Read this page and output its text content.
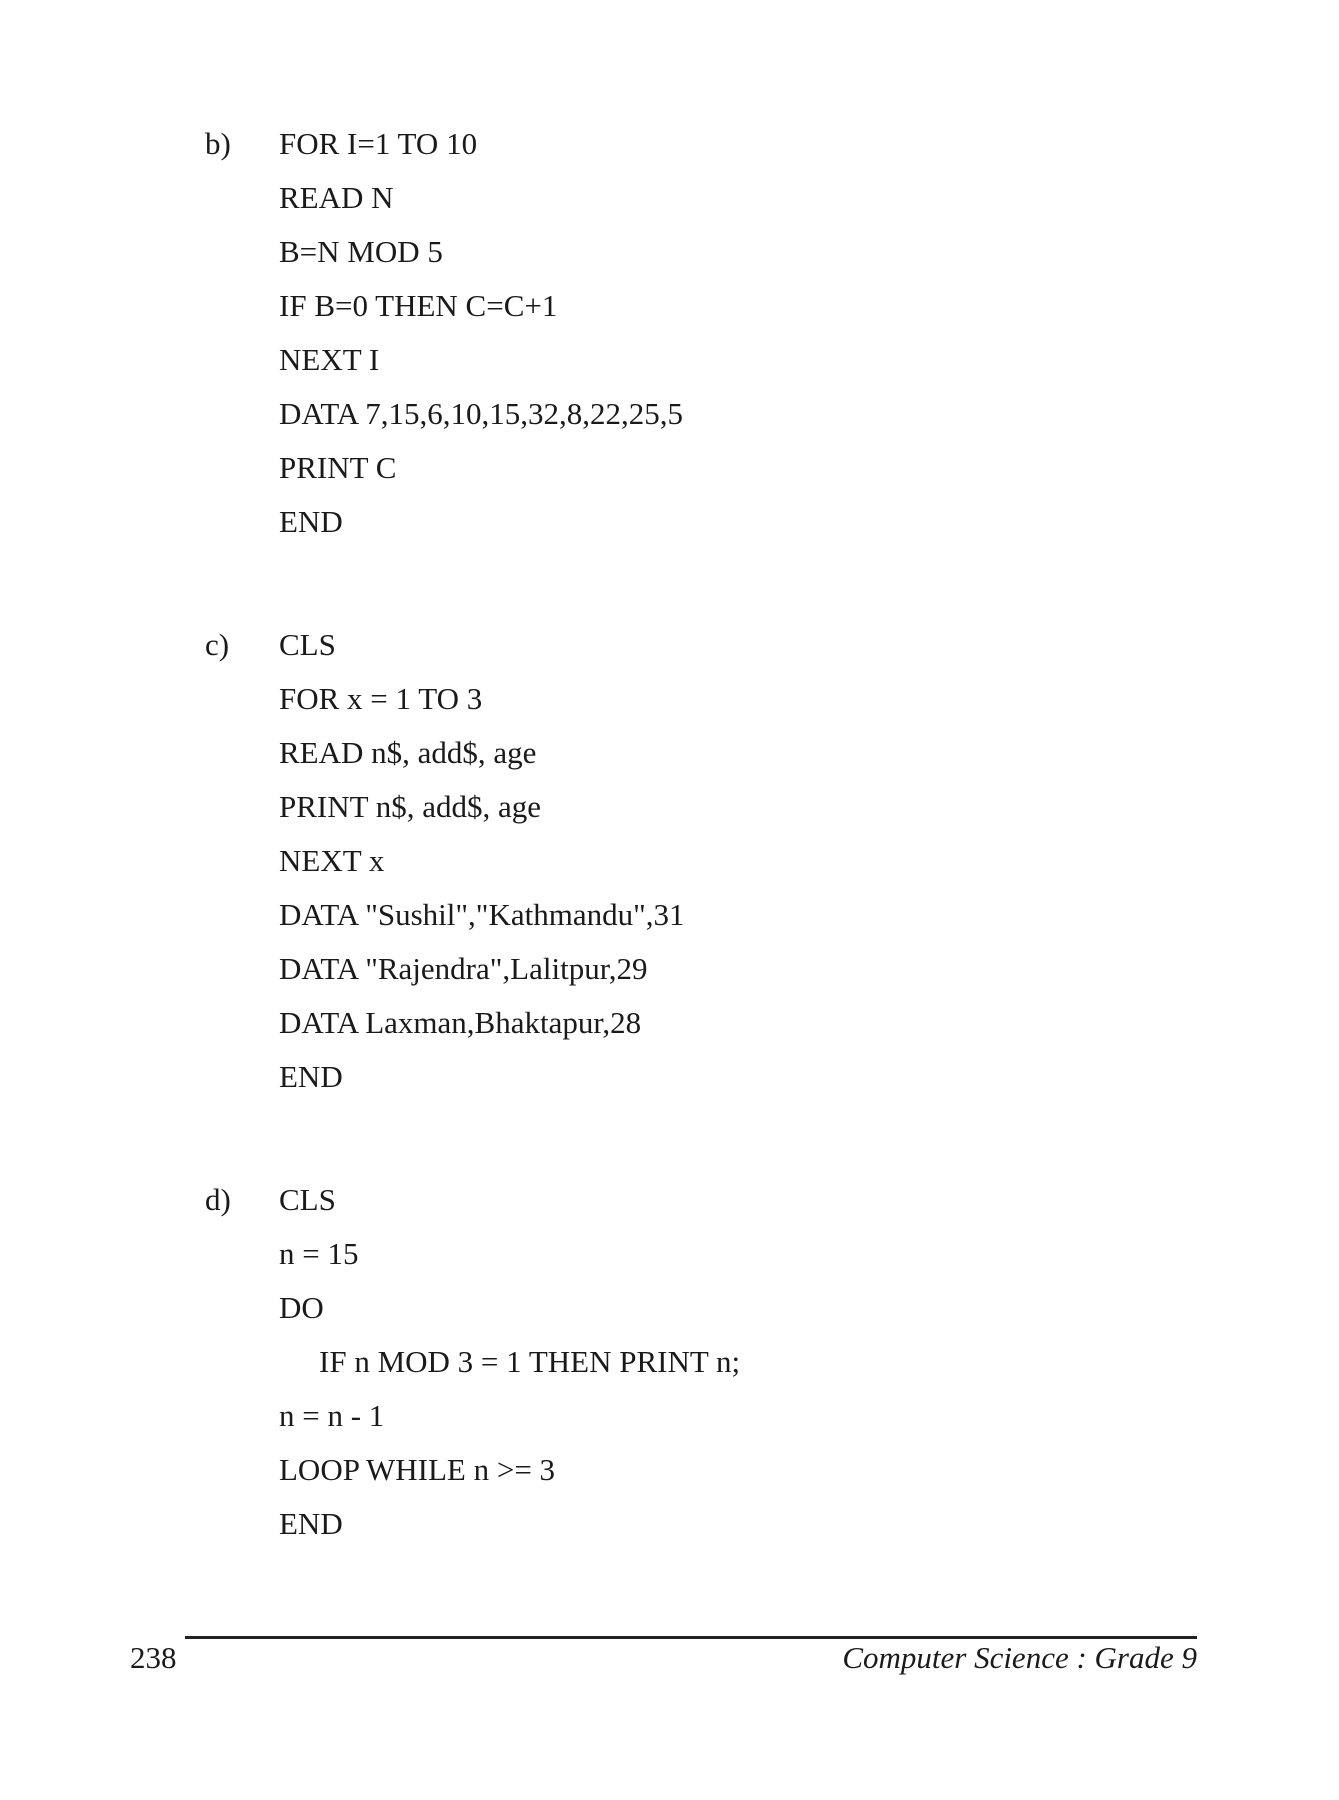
b) FOR I=1 TO 10
READ N
B=N MOD 5
IF B=0 THEN C=C+1
NEXT I
DATA 7,15,6,10,15,32,8,22,25,5
PRINT C
END
c) CLS
FOR x = 1 TO 3
READ n$, add$, age
PRINT n$, add$, age
NEXT x
DATA "Sushil","Kathmandu",31
DATA "Rajendra",Lalitpur,29
DATA Laxman,Bhaktapur,28
END
d) CLS
n = 15
DO
IF n MOD 3 = 1 THEN PRINT n;
n = n - 1
LOOP WHILE n >= 3
END
238	Computer Science : Grade 9
